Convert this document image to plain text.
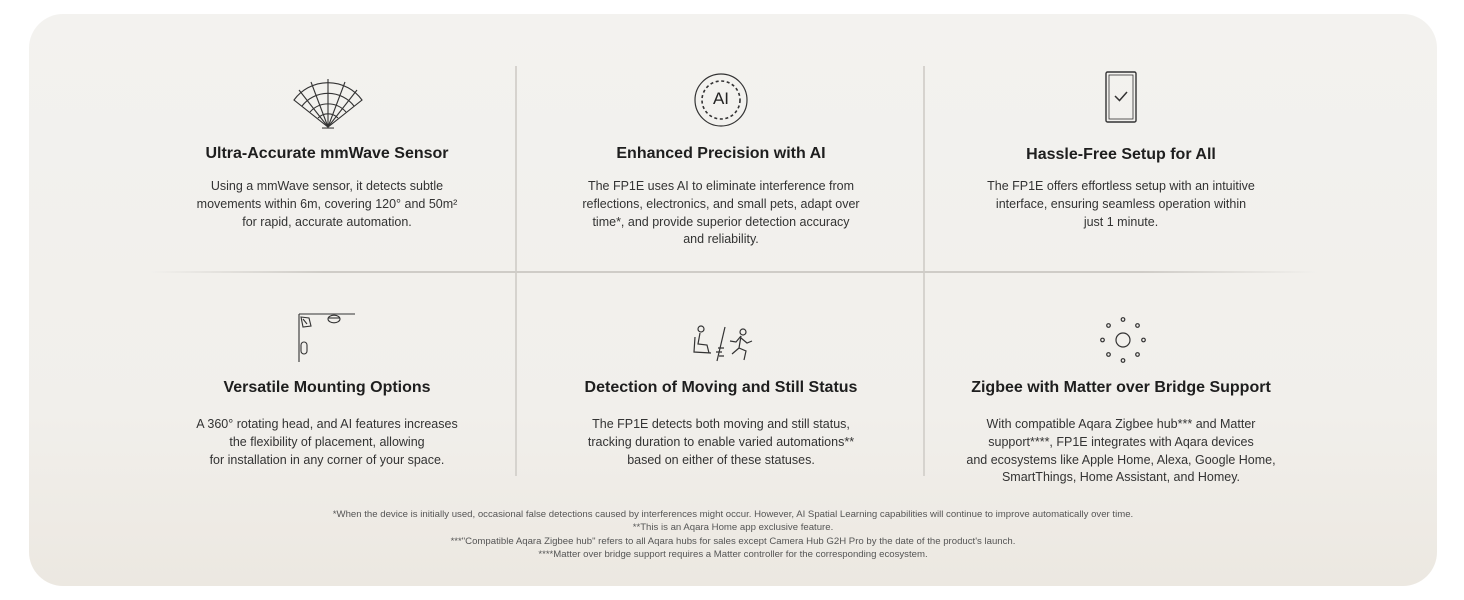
Ultra-Accurate mmWave Sensor
Using a mmWave sensor, it detects subtle
movements within 6m, covering 120° and 50m²
for rapid, accurate automation.
AI
Enhanced Precision with AI
The FP1E uses AI to eliminate interference from
reflections, electronics, and small pets, adapt over
time*, and provide superior detection accuracy
and reliability.
Hassle-Free Setup for All
The FP1E offers effortless setup with an intuitive
interface, ensuring seamless operation within
just 1 minute.
Versatile Mounting Options
A 360° rotating head, and AI features increases
the flexibility of placement, allowing
for installation in any corner of your space.
Detection of Moving and Still Status
The FP1E detects both moving and still status,
tracking duration to enable varied automations**
based on either of these statuses.
Zigbee with Matter over Bridge Support
With compatible Aqara Zigbee hub*** and Matter
support****, FP1E integrates with Aqara devices
and ecosystems like Apple Home, Alexa, Google Home,
SmartThings, Home Assistant, and Homey.
*When the device is initially used, occasional false detections caused by interferences might occur. However, AI Spatial Learning capabilities will continue to improve automatically over time.
**This is an Aqara Home app exclusive feature.
***"Compatible Aqara Zigbee hub" refers to all Aqara hubs for sales except Camera Hub G2H Pro by the date of the product's launch.
****Matter over bridge support requires a Matter controller for the corresponding ecosystem.
